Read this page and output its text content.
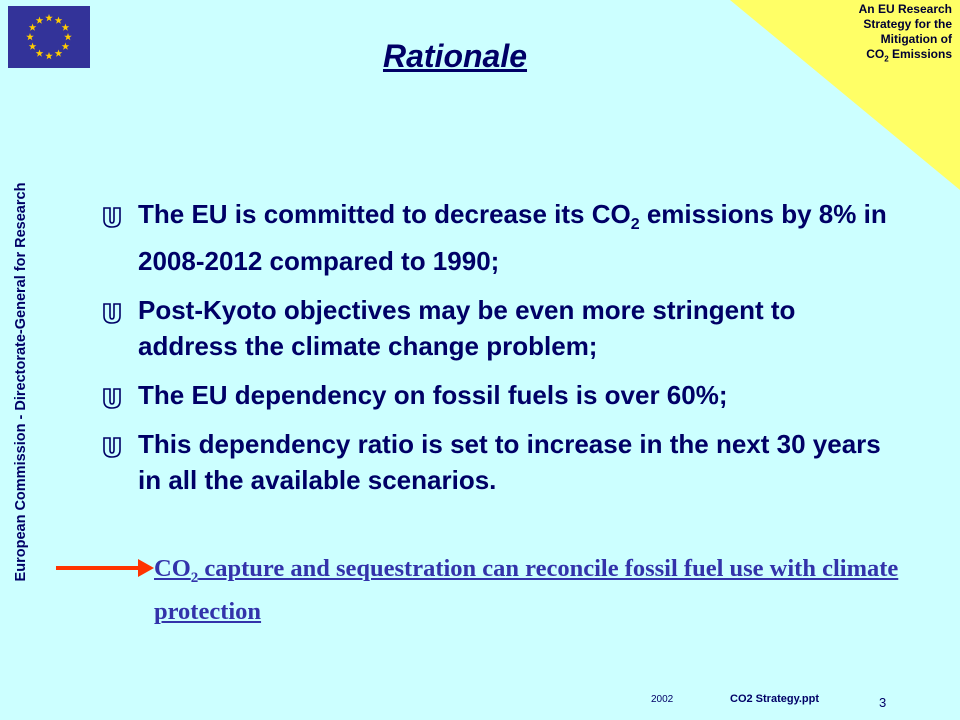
An EU Research
Strategy for the
Mitigation of
$CO_2$ Emissions
European Commission - Directorate-General for Research
Rationale
The EU is committed to decrease its $CO_2$ emissions by 8% in 2008-2012 compared to 1990;
Post-Kyoto objectives may be even more stringent to address the climate change problem;
The EU dependency on fossil fuels is over 60%;
This dependency ratio is set to increase in the next 30 years in all the available scenarios.
$CO_2$ capture and sequestration can reconcile fossil fuel use with climate protection
2002	CO2 Strategy.ppt	3
